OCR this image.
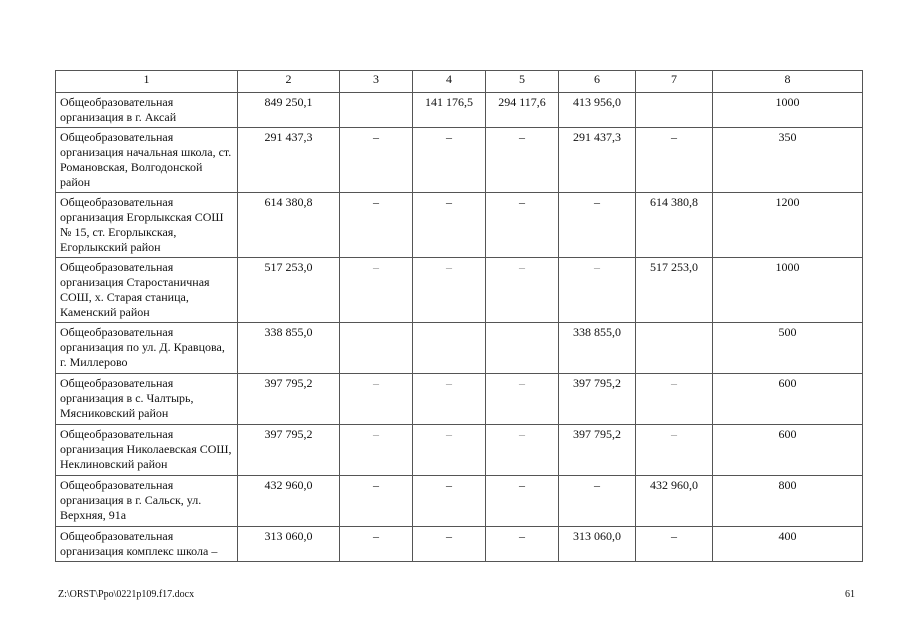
1	2	3	4	5	6	7	8
Общеобразовательная организация в г. Аксай	849 250,1		141 176,5	294 117,6	413 956,0		1000
Общеобразовательная организация начальная школа, ст. Романовская, Волгодонской район	291 437,3	–	–	–	291 437,3	–	350
Общеобразовательная организация Егорлыкская СОШ № 15, ст. Егорлыкская, Егорлыкский район	614 380,8	–	–	–	–	614 380,8	1200
Общеобразовательная организация Старостаничная СОШ, х. Старая станица, Каменский район	517 253,0	–	–	–	–	517 253,0	1000
Общеобразовательная организация по ул. Д. Кравцова, г. Миллерово	338 855,0				338 855,0		500
Общеобразовательная организация в с. Чалтырь, Мясниковский район	397 795,2	–	–	–	397 795,2	–	600
Общеобразовательная организация Николаевская СОШ, Неклиновский район	397 795,2	–	–	–	397 795,2	–	600
Общеобразовательная организация в г. Сальск, ул. Верхняя, 91а	432 960,0	–	–	–	–	432 960,0	800
Общеобразовательная организация комплекс школа –	313 060,0	–	–	–	313 060,0	–	400
Z:\ORST\Ppo\0221p109.f17.docx	61
